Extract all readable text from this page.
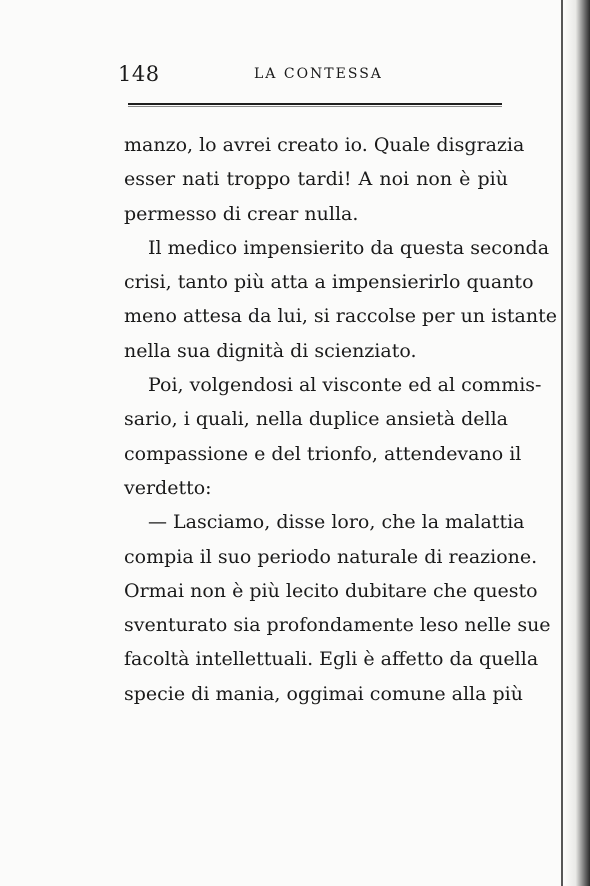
148	LA CONTESSA
manzo, lo avrei creato io. Quale disgrazia
esser nati troppo tardi! A noi non è più
permesso di crear nulla.
Il medico impensierito da questa seconda
crisi, tanto più atta a impensierirlo quanto
meno attesa da lui, si raccolse per un istante
nella sua dignità di scienziato.
Poi, volgendosi al visconte ed al commis-
sario, i quali, nella duplice ansietà della
compassione e del trionfo, attendevano il
verdetto:
— Lasciamo, disse loro, che la malattia
compia il suo periodo naturale di reazione.
Ormai non è più lecito dubitare che questo
sventurato sia profondamente leso nelle sue
facoltà intellettuali. Egli è affetto da quella
specie di mania, oggimai comune alla più
